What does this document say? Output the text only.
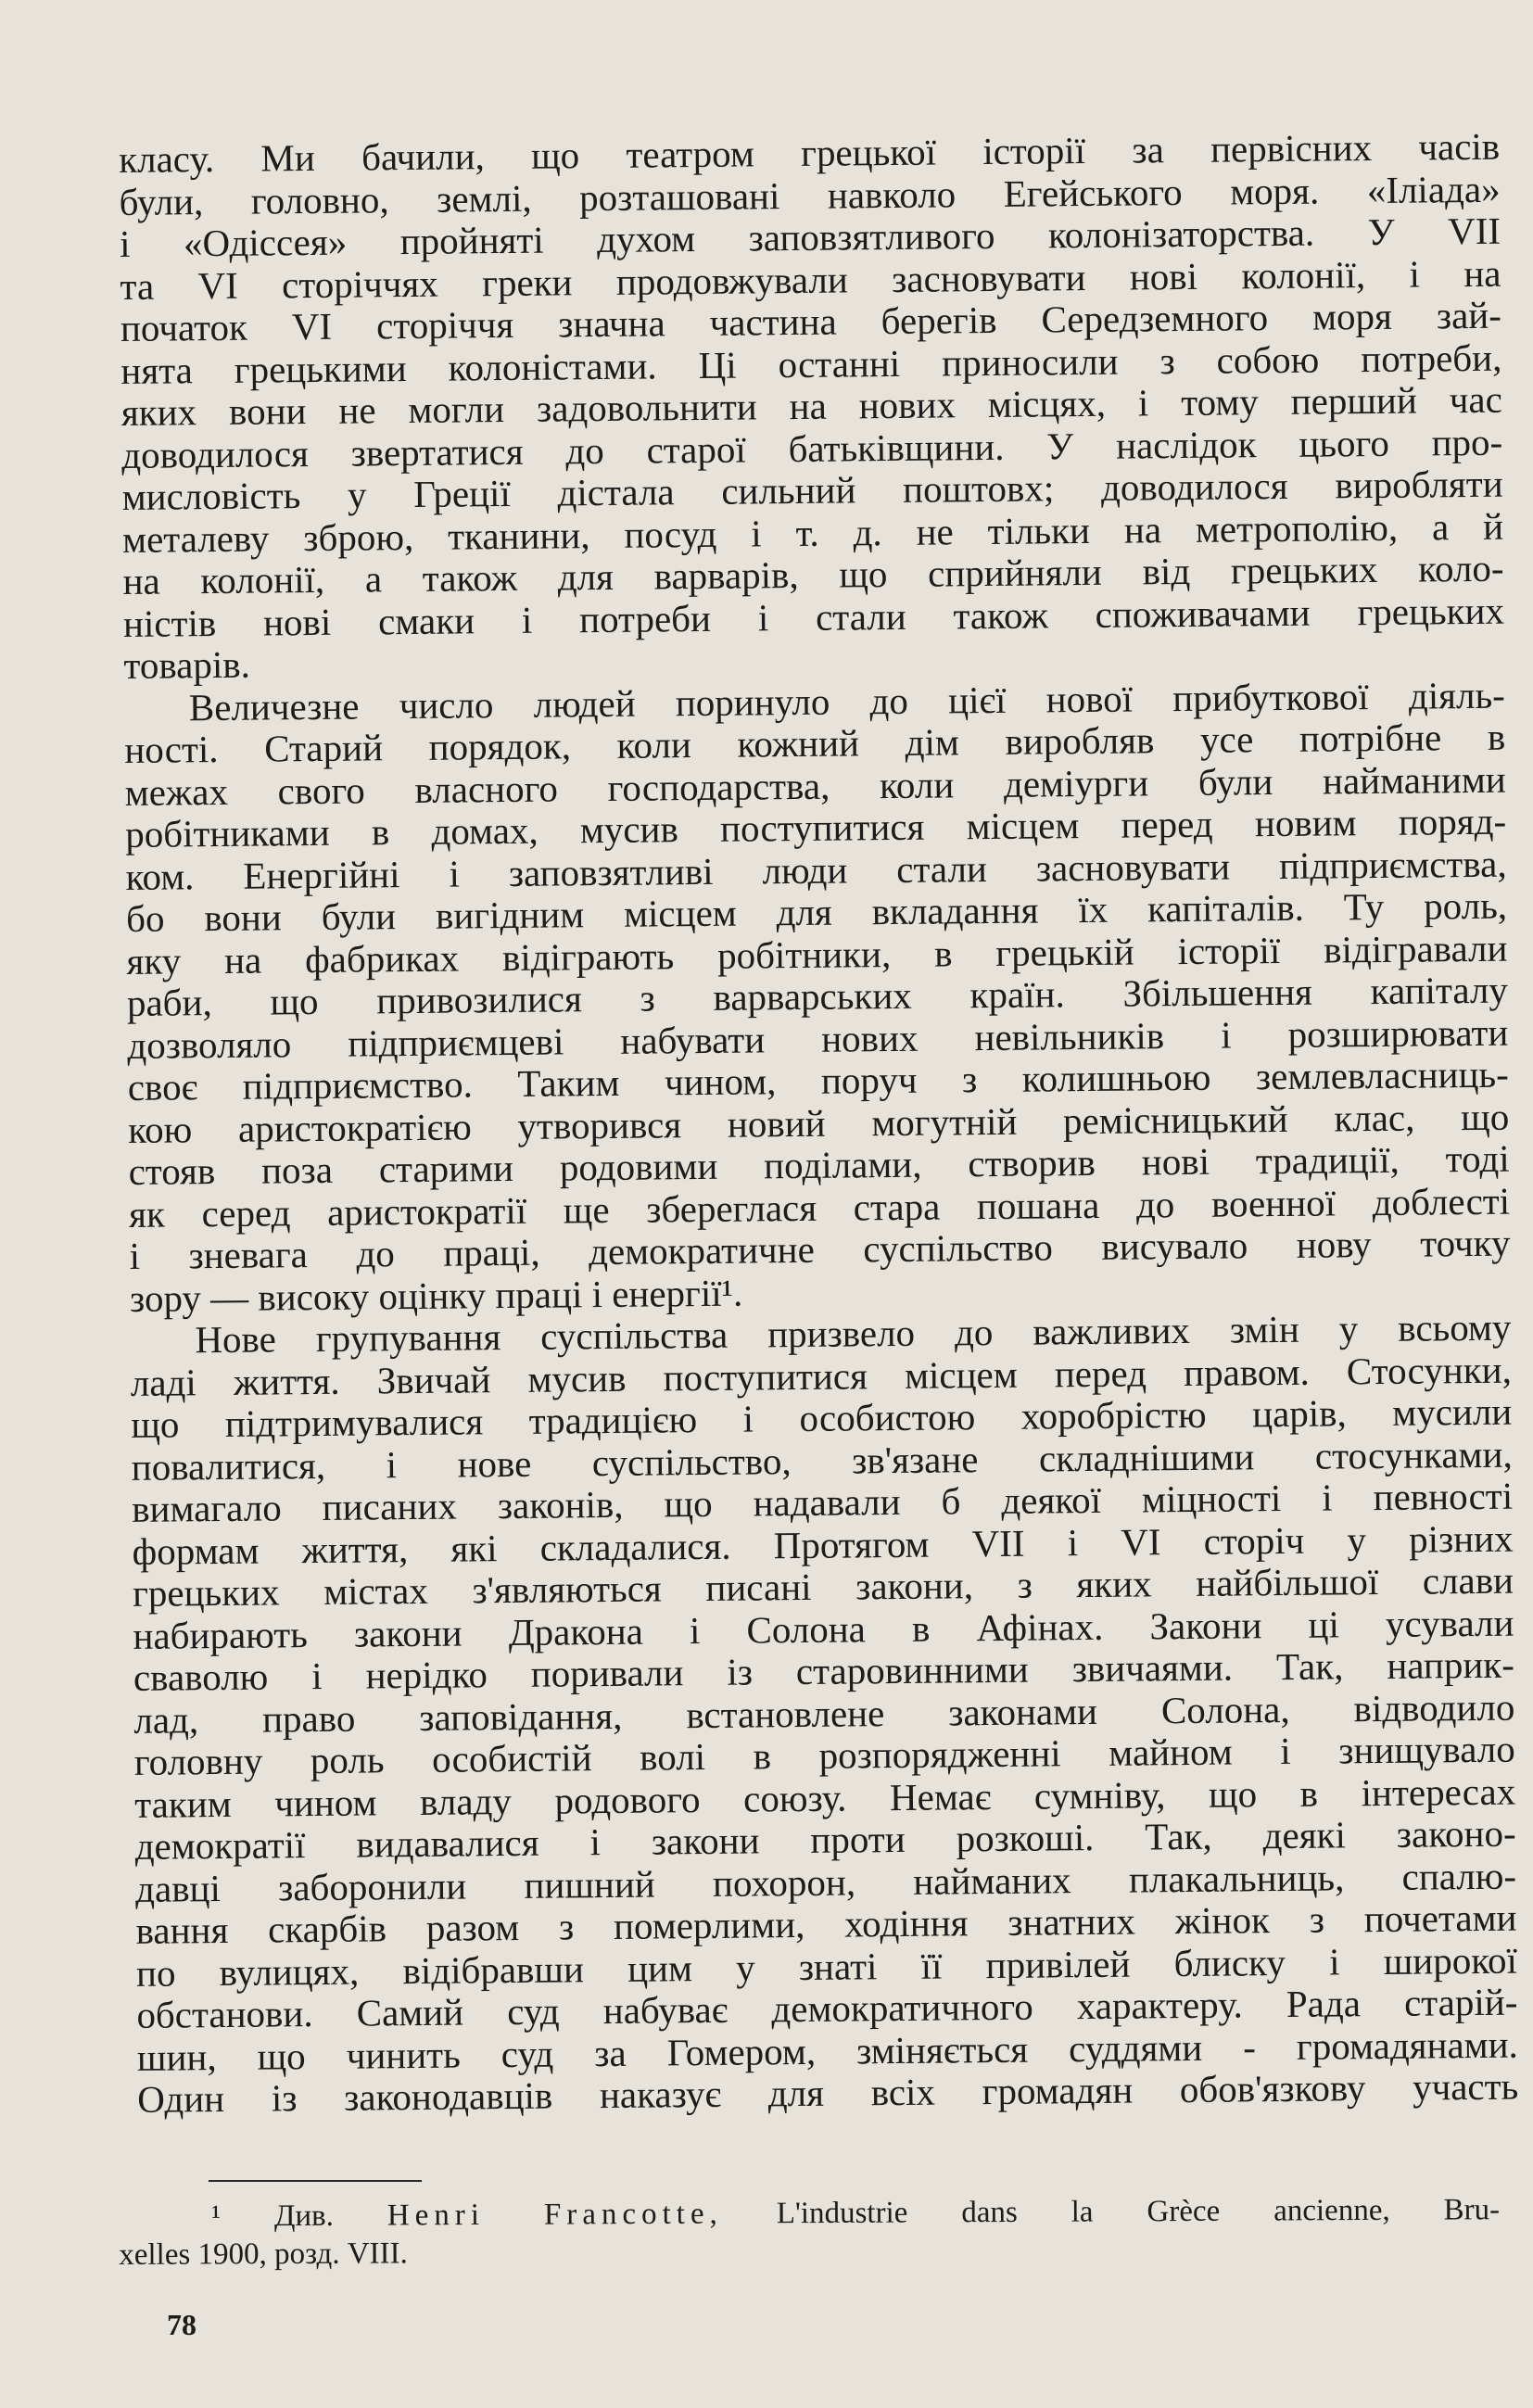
класу. Ми бачили, що театром грецької історії за первісних часів
були, головно, землі, розташовані навколо Егейського моря. «Іліада»
і «Одіссея» пройняті духом заповзятливого колонізаторства. У VII
та VI сторіччях греки продовжували засновувати нові колонії, і на
початок VI сторіччя значна частина берегів Середземного моря зай-
нята грецькими колоністами. Ці останні приносили з собою потреби,
яких вони не могли задовольнити на нових місцях, і тому перший час
доводилося звертатися до старої батьківщини. У наслідок цього про-
мисловість у Греції дістала сильний поштовх; доводилося виробляти
металеву зброю, тканини, посуд і т. д. не тільки на метрополію, а й
на колонії, а також для варварів, що сприйняли від грецьких коло-
ністів нові смаки і потреби і стали також споживачами грецьких
товарів.
Величезне число людей поринуло до цієї нової прибуткової діяль-
ності. Старий порядок, коли кожний дім виробляв усе потрібне в
межах свого власного господарства, коли деміурги були найманими
робітниками в домах, мусив поступитися місцем перед новим поряд-
ком. Енергійні і заповзятливі люди стали засновувати підприємства,
бо вони були вигідним місцем для вкладання їх капіталів. Ту роль,
яку на фабриках відіграють робітники, в грецькій історії відігравали
раби, що привозилися з варварських країн. Збільшення капіталу
дозволяло підприємцеві набувати нових невільників і розширювати
своє підприємство. Таким чином, поруч з колишньою землевласниць-
кою аристократією утворився новий могутній ремісницький клас, що
стояв поза старими родовими поділами, створив нові традиції, тоді
як серед аристократії ще збереглася стара пошана до военної доблесті
і зневага до праці, демократичне суспільство висувало нову точку
зору — високу оцінку праці і енергії¹.
Нове групування суспільства призвело до важливих змін у всьому
ладі життя. Звичай мусив поступитися місцем перед правом. Стосунки,
що підтримувалися традицією і особистою хоробрістю царів, мусили
повалитися, і нове суспільство, зв'язане складнішими стосунками,
вимагало писаних законів, що надавали б деякої міцності і певності
формам життя, які складалися. Протягом VII і VI сторіч у різних
грецьких містах з'являються писані закони, з яких найбільшої слави
набирають закони Дракона і Солона в Афінах. Закони ці усували
сваволю і нерідко поривали із старовинними звичаями. Так, наприк-
лад, право заповідання, встановлене законами Солона, відводило
головну роль особистій волі в розпорядженні майном і знищувало
таким чином владу родового союзу. Немає сумніву, що в інтересах
демократії видавалися і закони проти розкоші. Так, деякі законо-
давці заборонили пишний похорон, найманих плакальниць, спалю-
вання скарбів разом з померлими, ходіння знатних жінок з почетами
по вулицях, відібравши цим у знаті її привілей блиску і широкої
обстанови. Самий суд набуває демократичного характеру. Рада старій-
шин, що чинить суд за Гомером, зміняється суддями - громадянами.
Один із законодавців наказує для всіх громадян обов'язкову участь
¹ Див. Henri Francotte, L'industrie dans la Grèce ancienne, Bru-
xelles 1900, розд. VIII.
78
